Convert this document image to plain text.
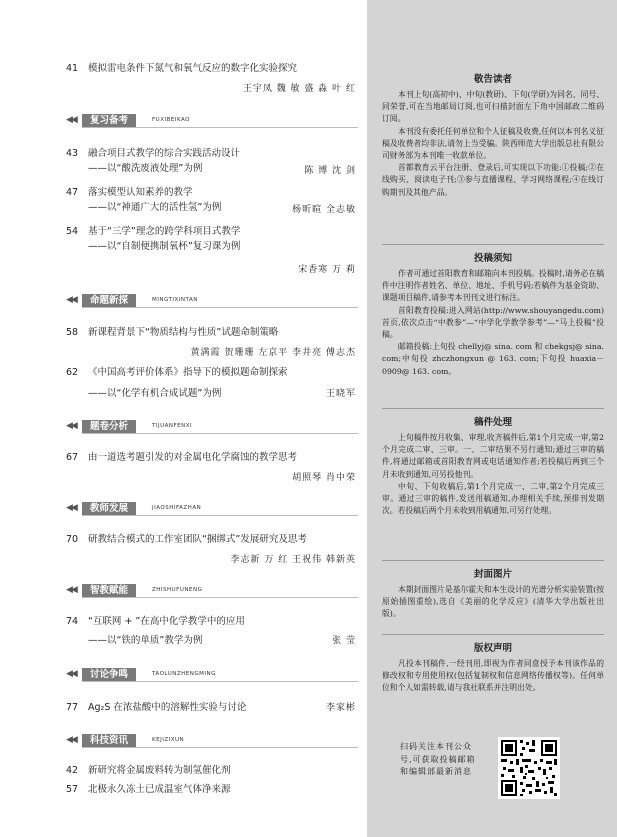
41	模拟雷电条件下氮气和氧气反应的数字化实验探究
王宇凤 魏 敏 盛 淼 叶 红
◀◀	复习备考	FUXIBEIKAO
43	融合项目式教学的综合实践活动设计
——以“酸洗废液处理”为例	陈 博 沈 剑
47	落实模型认知素养的教学
——以“神通广大的活性氢”为例	杨昕暄 全志敏
54	基于“三学”理念的跨学科项目式教学
——以“自制便携制氧杯”复习课为例
宋香寒 万 莉
◀◀	命题新探	MINGTIXINTAN
58	新课程背景下“物质结构与性质”试题命制策略
黄满霞 贺珊珊 左京平 李井亮 傅志杰
62	《中国高考评价体系》指导下的模拟题命制探索
——以“化学有机合成试题”为例	王晓军
◀◀	题卷分析	TIJUANFENXI
67	由一道选考题引发的对金属电化学腐蚀的教学思考
胡照琴 肖中荣
◀◀	教师发展	JIAOSHIFAZHAN
70	研教结合模式的工作室团队“捆绑式”发展研究及思考
李志新 万 红 王祝伟 韩新英
◀◀	智教赋能	ZHISHUFUNENG
74	“互联网 + ”在高中化学教学中的应用
——以“铁的单质”教学为例	张 莹
◀◀	讨论争鸣	TAOLUNZHENGMING
77	Ag₂S 在浓盐酸中的溶解性实验与讨论	李家彬
◀◀	科技资讯	KEJIZIXUN
42	新研究将金属废料转为制氢催化剂
57	北极永久冻土已成温室气体净来源
敬告读者

本刊上旬(高初中)、中旬(教研)、下旬(学研)为同名、同号、同荣誉,可在当地邮局订阅,也可扫描封面左下角中国邮政二维码订阅。

本刊没有委托任何单位和个人征稿及收费,任何以本刊名义征稿及收费者均非法,请勿上当受骗。陕西师范大学出版总社有限公司财务部为本刊唯一收款单位。

首都教育云平台注册、登录后,可实现以下功能:①投稿;②在线购买、阅读电子刊;③参与直播课程、学习网络课程;④在线订购期刊及其他产品。

投稿须知

作者可通过首阳教育和邮箱向本刊投稿。投稿时,请务必在稿件中注明作者姓名、单位、地址、手机号码;若稿件为基金资助、课题项目稿件,请参考本刊刊文进行标注。

首阳教育投稿:进入网站(http://www.shouyangedu.com)首页,依次点击“中教参”—“中学化学教学参考”—“马上投稿”投稿。

邮箱投稿:上旬投 chellyj@ sina. com 和 chekgsj@ sina. com;中旬投 zhczhongxun @ 163. com;下旬投 huaxia－0909@ 163. com。

稿件处理

上旬稿件按月收集、审理,收齐稿件后,第1个月完成一审,第2个月完成二审、三审。一、二审结果不另行通知;通过三审的稿件,将通过邮箱或首阳教育网或电话通知作者;若投稿后两到三个月未收到通知,可另投他刊。

中旬、下旬收稿后,第1个月完成一、二审,第2个月完成三审。通过三审的稿件,发送用稿通知,办理相关手续,预排刊发期次。若投稿后两个月未收到用稿通知,可另行处理。

封面图片

本期封面图片是基尔霍夫和本生设计的光谱分析实验装置(按原始插图重绘),选自《美丽的化学反应》(清华大学出版社出版)。

版权声明

凡投本刊稿件,一经刊用,即视为作者同意授予本刊该作品的修改权和专用使用权(包括复制权和信息网络传播权等)。任何单位和个人如需转载,请与我社联系并注明出处。

扫码关注本刊公众号,可获取投稿邮箱和编辑部最新消息
